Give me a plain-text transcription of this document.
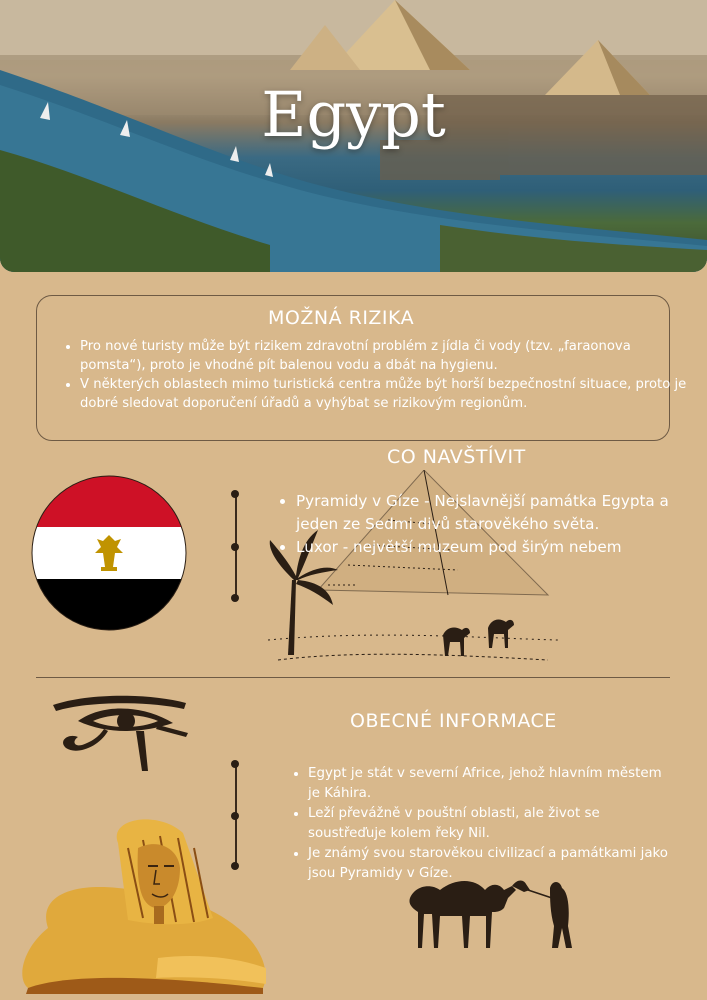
Egypt
MOŽNÁ RIZIKA
• Pro nové turisty může být rizikem zdravotní problém z jídla či vody (tzv. „faraonova pomsta“), proto je vhodné pít balenou vodu a dbát na hygienu.
• V některých oblastech mimo turistická centra může být horší bezpečnostní situace, proto je dobré sledovat doporučení úřadů a vyhýbat se rizikovým regionům.
CO NAVŠTÍVIT
• Pyramidy v Gíze - Nejslavnější památka Egypta a jeden ze Sedmi divů starověkého světa.
• Luxor - největší muzeum pod širým nebem
OBECNÉ INFORMACE
• Egypt je stát v severní Africe, jehož hlavním městem je Káhira.
• Leží převážně v pouštní oblasti, ale život se soustřeďuje kolem řeky Nil.
• Je známý svou starověkou civilizací a památkami jako jsou Pyramidy v Gíze.
